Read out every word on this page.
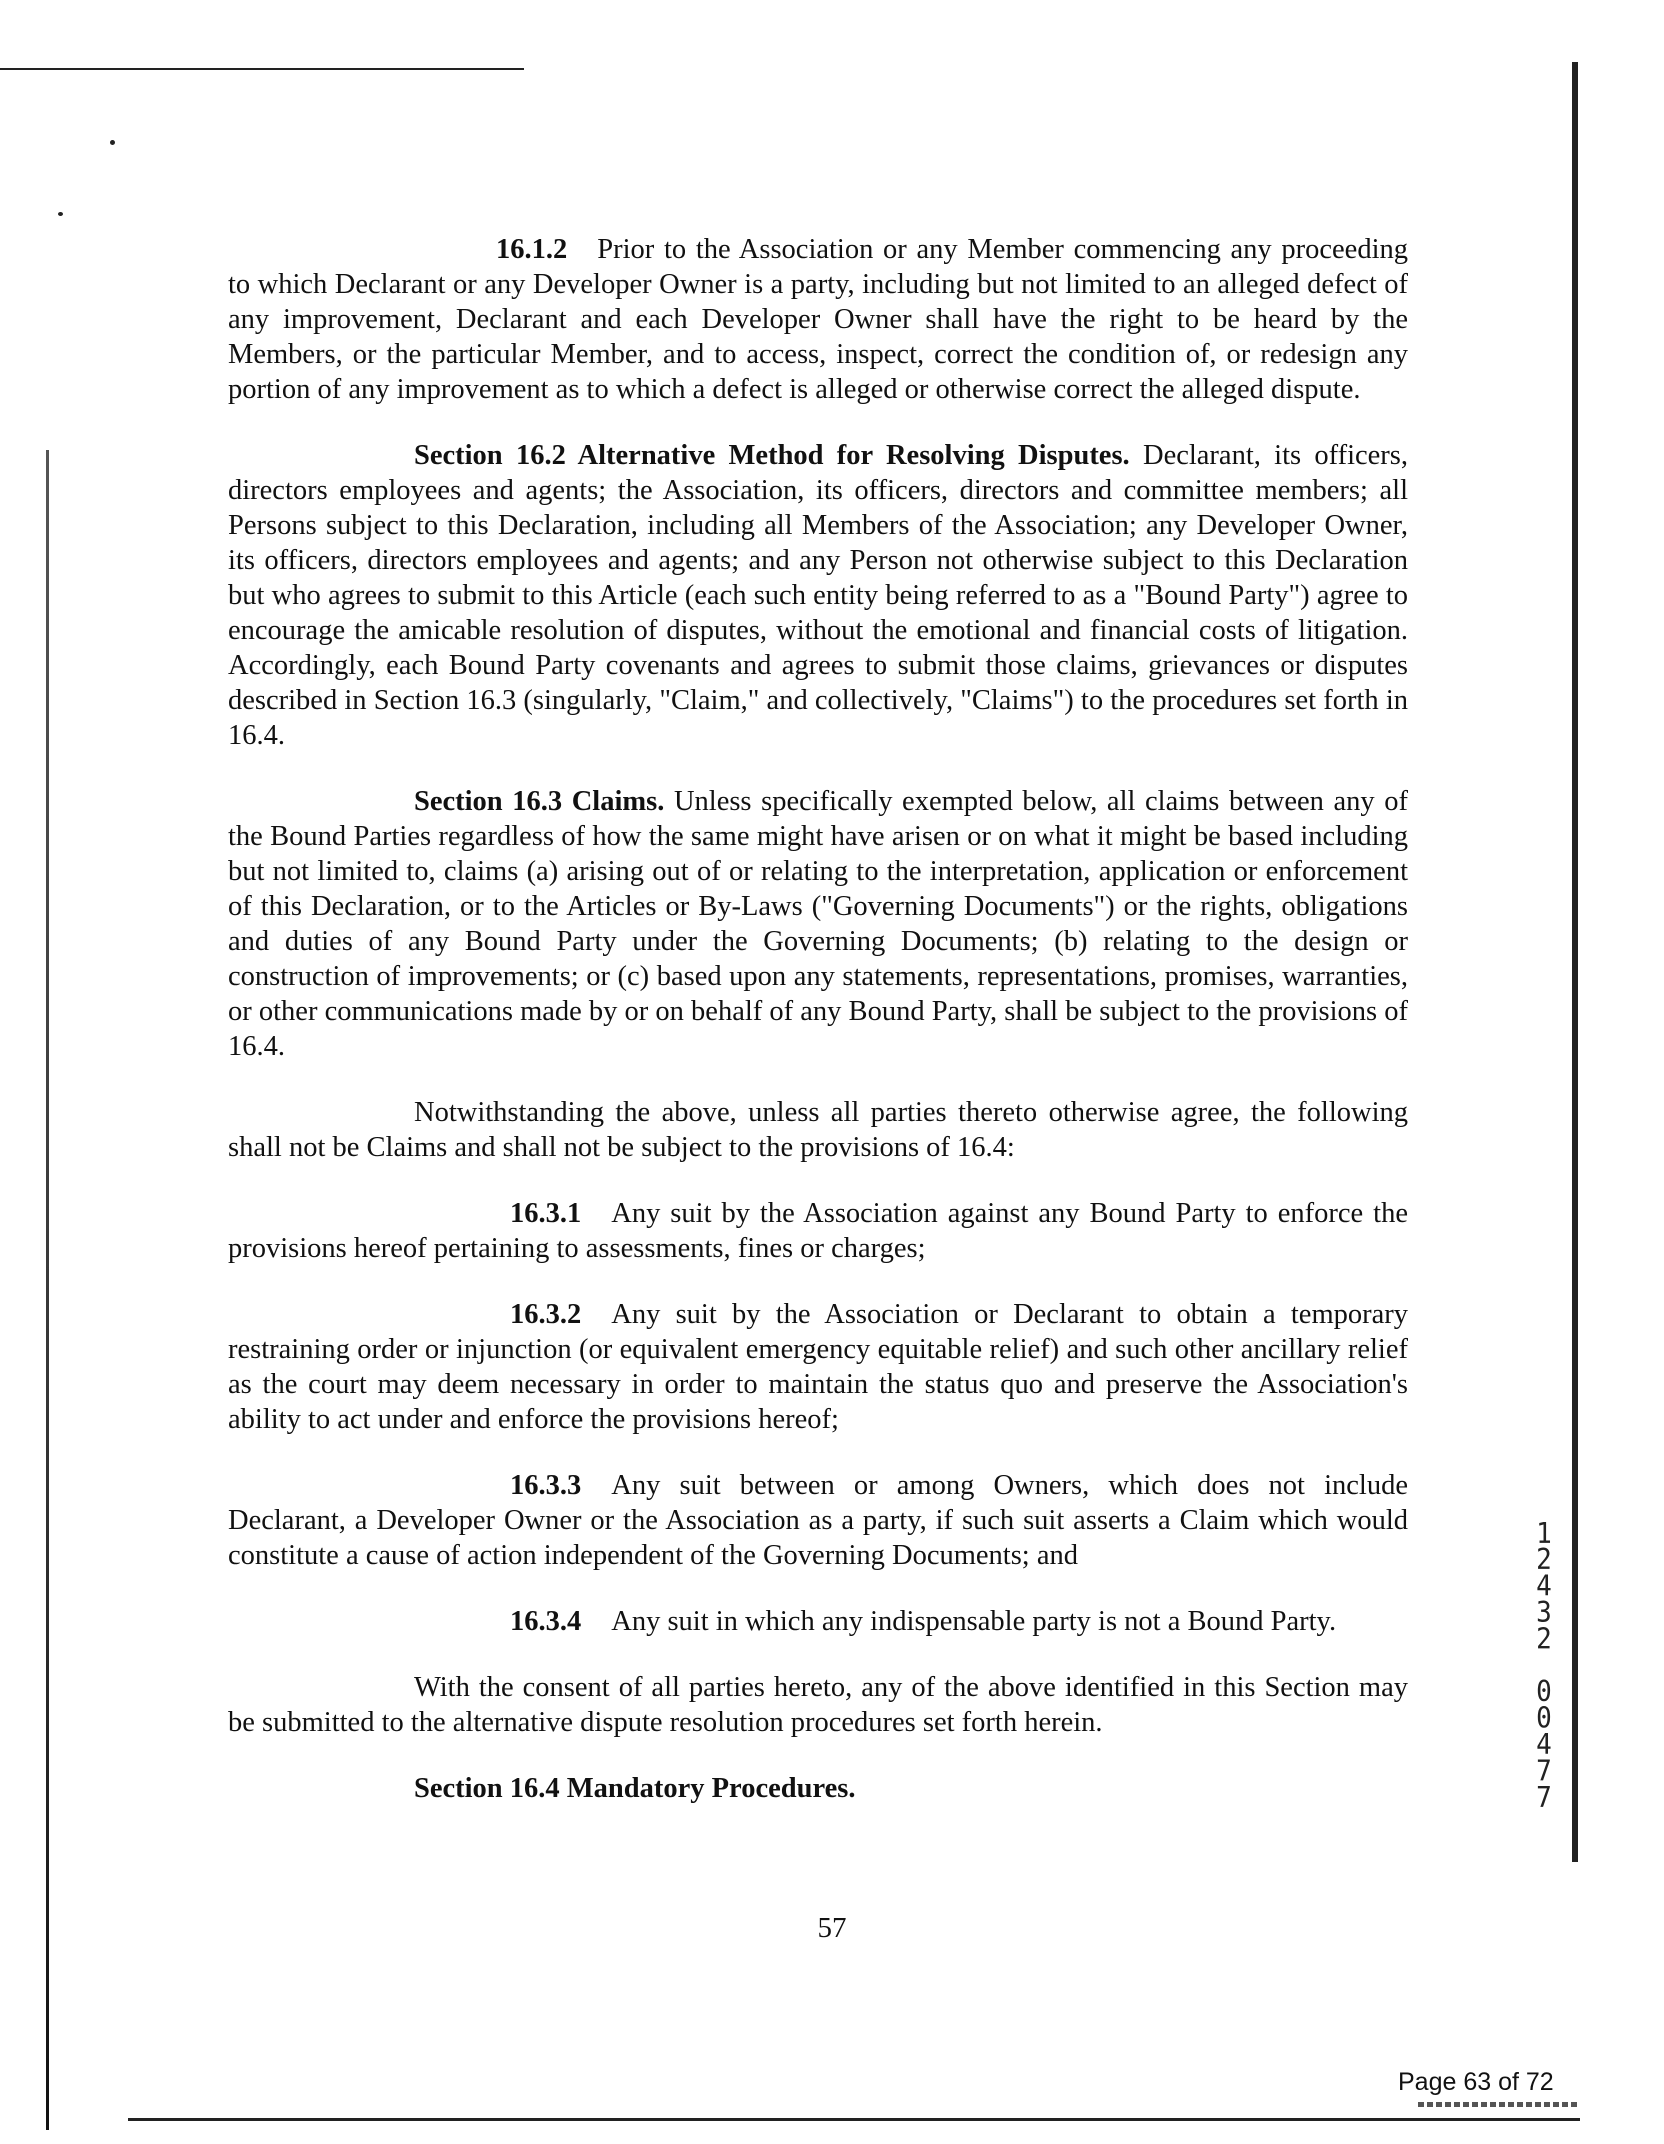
16.1.2 Prior to the Association or any Member commencing any proceeding to which Declarant or any Developer Owner is a party, including but not limited to an alleged defect of any improvement, Declarant and each Developer Owner shall have the right to be heard by the Members, or the particular Member, and to access, inspect, correct the condition of, or redesign any portion of any improvement as to which a defect is alleged or otherwise correct the alleged dispute.

Section 16.2 Alternative Method for Resolving Disputes. Declarant, its officers, directors employees and agents; the Association, its officers, directors and committee members; all Persons subject to this Declaration, including all Members of the Association; any Developer Owner, its officers, directors employees and agents; and any Person not otherwise subject to this Declaration but who agrees to submit to this Article (each such entity being referred to as a "Bound Party") agree to encourage the amicable resolution of disputes, without the emotional and financial costs of litigation. Accordingly, each Bound Party covenants and agrees to submit those claims, grievances or disputes described in Section 16.3 (singularly, "Claim," and collectively, "Claims") to the procedures set forth in 16.4.

Section 16.3 Claims. Unless specifically exempted below, all claims between any of the Bound Parties regardless of how the same might have arisen or on what it might be based including but not limited to, claims (a) arising out of or relating to the interpretation, application or enforcement of this Declaration, or to the Articles or By-Laws ("Governing Documents") or the rights, obligations and duties of any Bound Party under the Governing Documents; (b) relating to the design or construction of improvements; or (c) based upon any statements, representations, promises, warranties, or other communications made by or on behalf of any Bound Party, shall be subject to the provisions of 16.4.

Notwithstanding the above, unless all parties thereto otherwise agree, the following shall not be Claims and shall not be subject to the provisions of 16.4:

16.3.1 Any suit by the Association against any Bound Party to enforce the provisions hereof pertaining to assessments, fines or charges;

16.3.2 Any suit by the Association or Declarant to obtain a temporary restraining order or injunction (or equivalent emergency equitable relief) and such other ancillary relief as the court may deem necessary in order to maintain the status quo and preserve the Association's ability to act under and enforce the provisions hereof;

16.3.3 Any suit between or among Owners, which does not include Declarant, a Developer Owner or the Association as a party, if such suit asserts a Claim which would constitute a cause of action independent of the Governing Documents; and

16.3.4 Any suit in which any indispensable party is not a Bound Party.

With the consent of all parties hereto, any of the above identified in this Section may be submitted to the alternative dispute resolution procedures set forth herein.

Section 16.4 Mandatory Procedures.

57
1
2
4
3
2

0
0
4
7
7
Page 63 of 72
